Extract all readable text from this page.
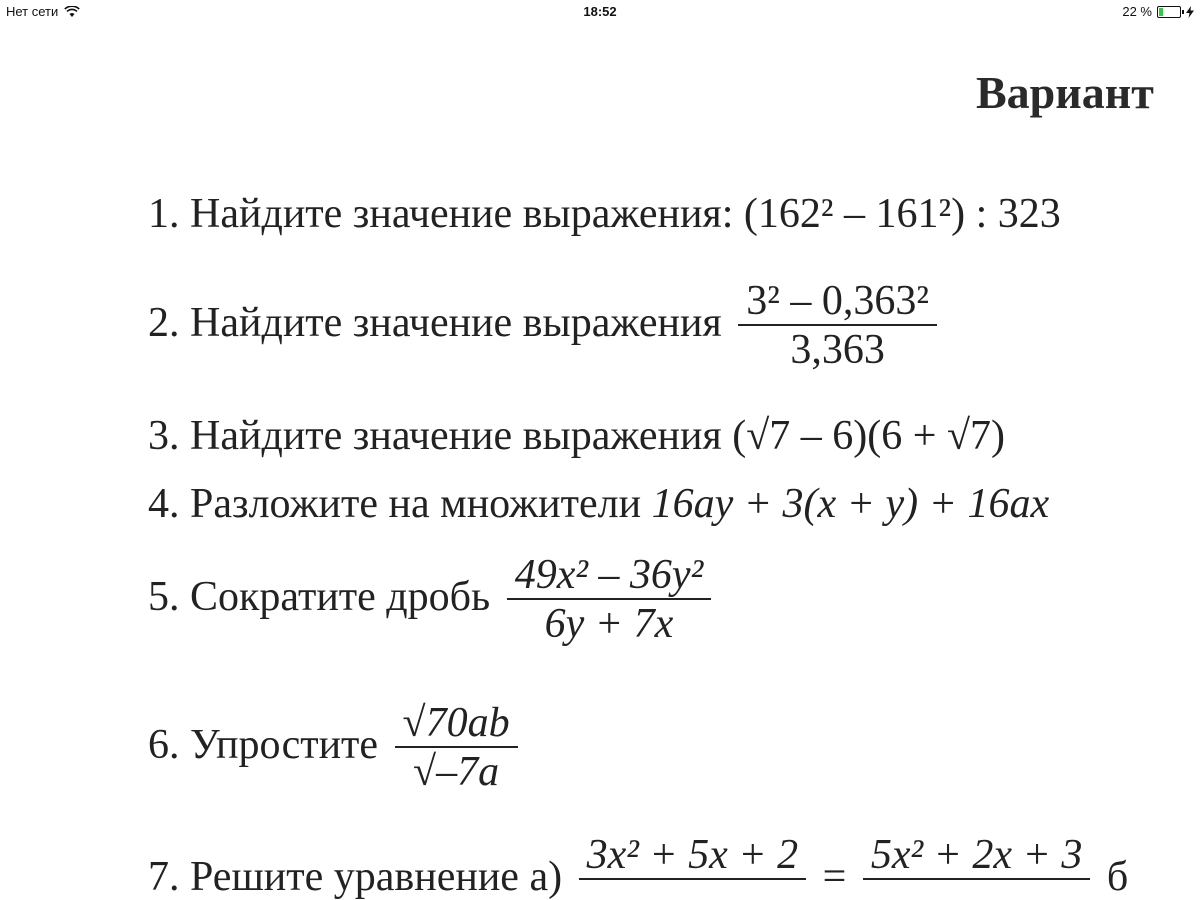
Нет сети	18:52	22 %
Вариант
1. Найдите значение выражения: (162² – 161²) : 323
2. Найдите значение выражения $\frac{\text{3² – 0,363²}}{3,363}$
3. Найдите значение выражения (√7 – 6)(6 + √7)
4. Разложите на множители 16ay + 3(x + y) + 16ax
5. Сократите дробь $\frac{\text{49x² – 36y²}}{6y + 7x}$
6. Упростите $\frac{√70ab}{√-7a}$
7. Решите уравнение а) 3x² + 5x + 2
= 5x² + 2x + 3
б
